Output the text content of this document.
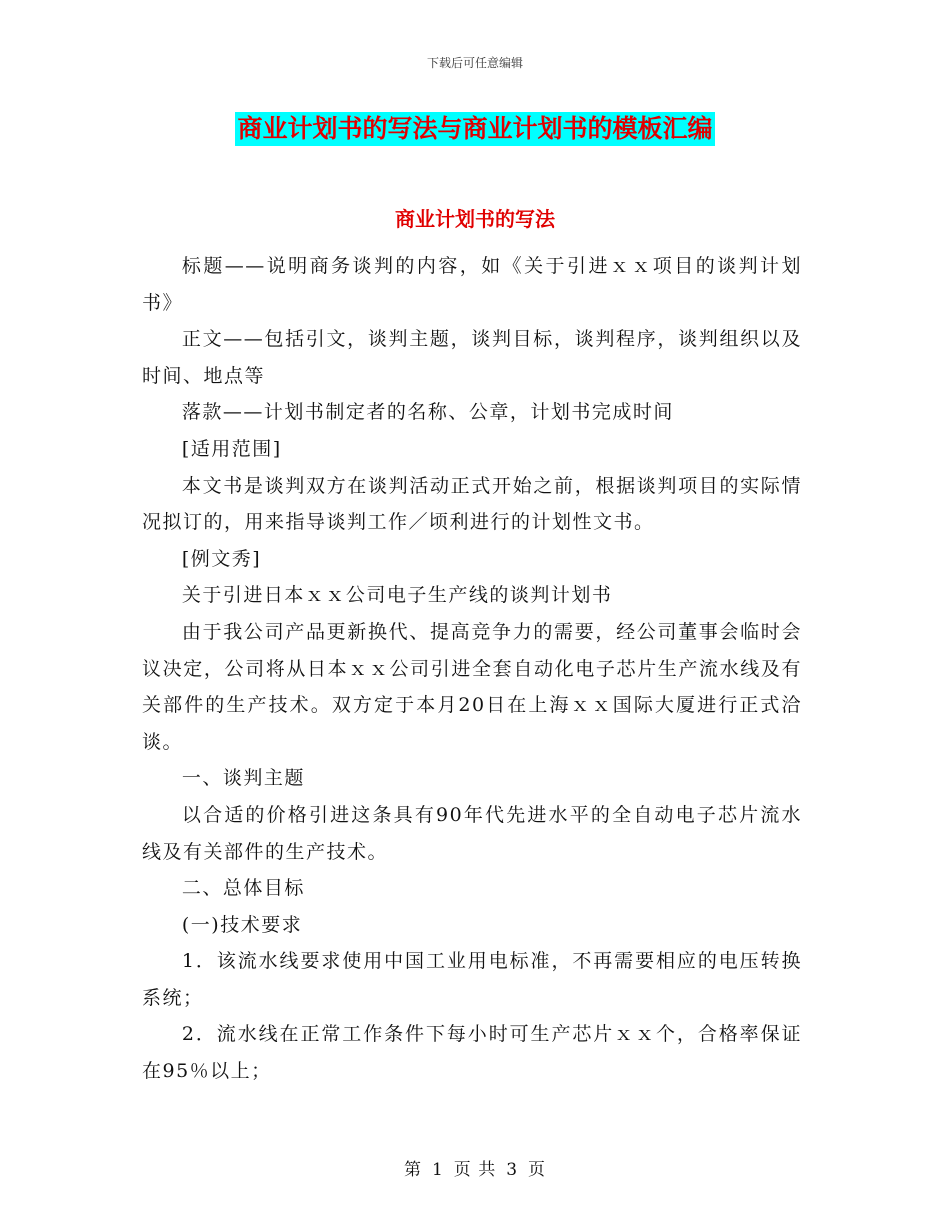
下载后可任意编辑
商业计划书的写法与商业计划书的模板汇编
商业计划书的写法

标题——说明商务谈判的内容，如《关于引进ｘｘ项目的谈判计划书》

正文——包括引文，谈判主题，谈判目标，谈判程序，谈判组织以及时间、地点等

落款——计划书制定者的名称、公章，计划书完成时间

[适用范围]

本文书是谈判双方在谈判活动正式开始之前，根据谈判项目的实际情况拟订的，用来指导谈判工作／顷利进行的计划性文书。

[例文秀]

关于引进日本ｘｘ公司电子生产线的谈判计划书

由于我公司产品更新换代、提高竞争力的需要，经公司董事会临时会议决定，公司将从日本ｘｘ公司引进全套自动化电子芯片生产流水线及有关部件的生产技术。双方定于本月20日在上海ｘｘ国际大厦进行正式洽谈。

一、谈判主题

以合适的价格引进这条具有90年代先进水平的全自动电子芯片流水线及有关部件的生产技术。

二、总体目标

(一)技术要求

1．该流水线要求使用中国工业用电标准，不再需要相应的电压转换系统；

2．流水线在正常工作条件下每小时可生产芯片ｘｘ个，合格率保证在95％以上；

第 1 页 共 3 页
